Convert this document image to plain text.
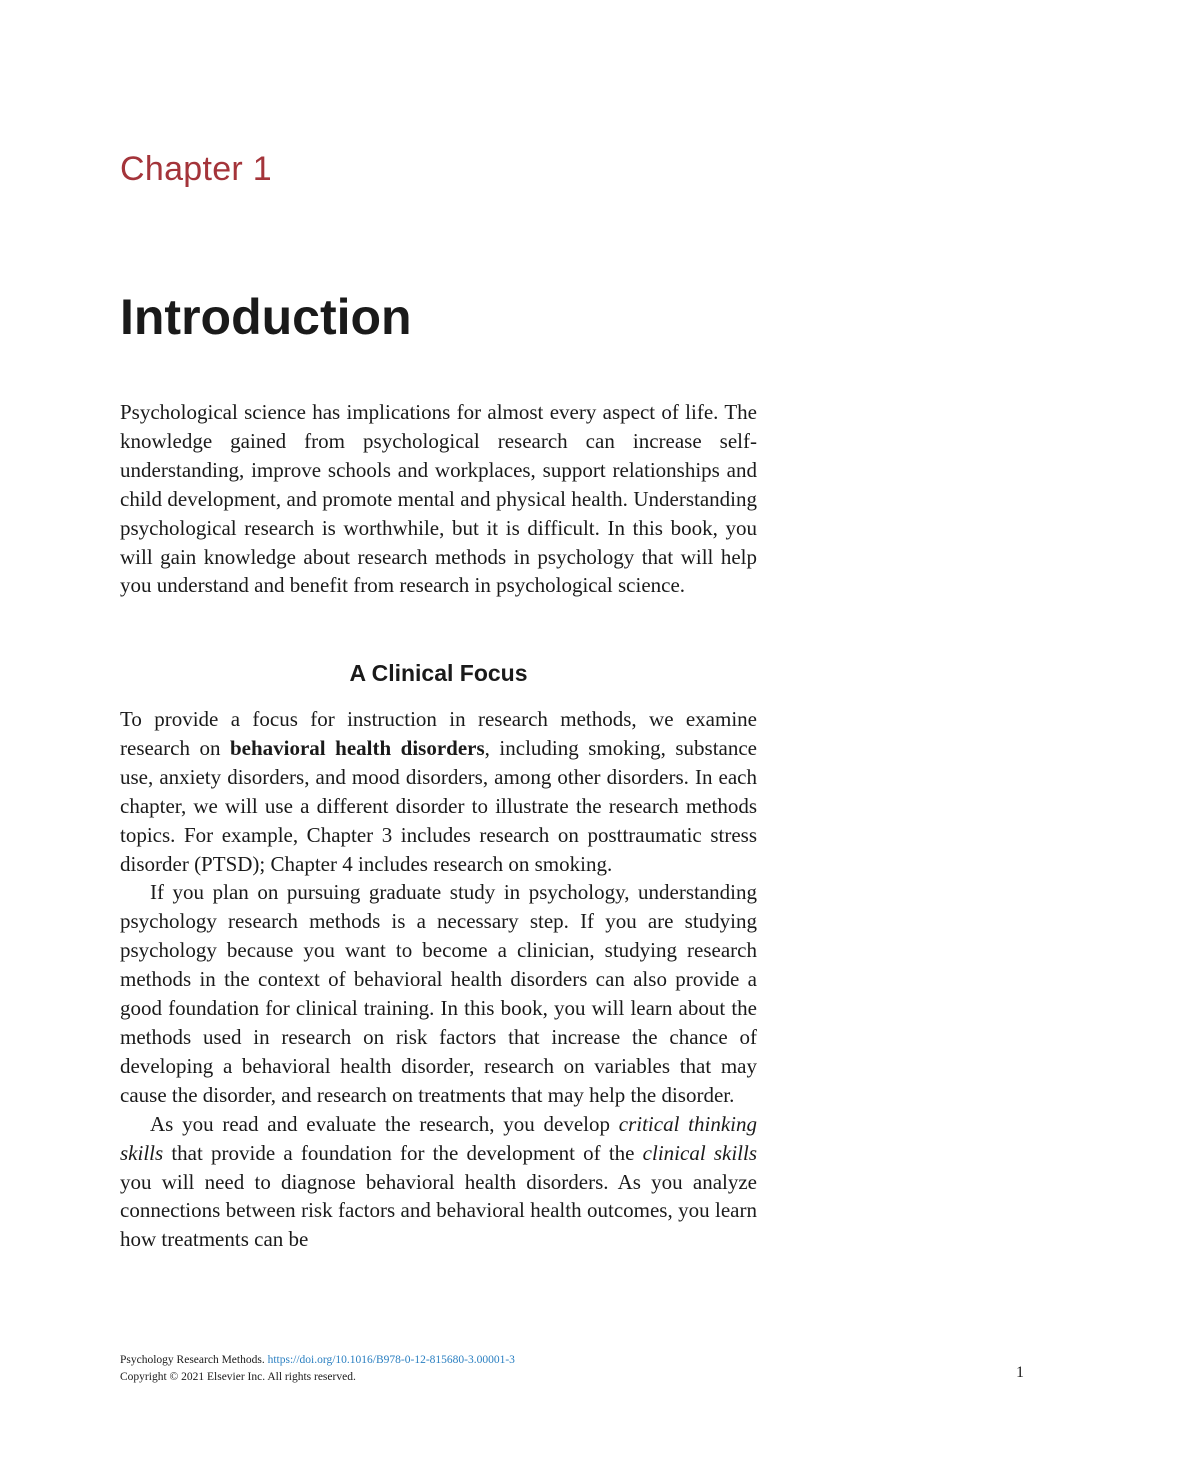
Chapter 1
Introduction

Psychological science has implications for almost every aspect of life. The knowledge gained from psychological research can increase self-understanding, improve schools and workplaces, support relationships and child development, and promote mental and physical health. Understanding psychological research is worthwhile, but it is difficult. In this book, you will gain knowledge about research methods in psychology that will help you understand and benefit from research in psychological science.

A Clinical Focus

To provide a focus for instruction in research methods, we examine research on behavioral health disorders, including smoking, substance use, anxiety disorders, and mood disorders, among other disorders. In each chapter, we will use a different disorder to illustrate the research methods topics. For example, Chapter 3 includes research on posttraumatic stress disorder (PTSD); Chapter 4 includes research on smoking.

If you plan on pursuing graduate study in psychology, understanding psychology research methods is a necessary step. If you are studying psychology because you want to become a clinician, studying research methods in the context of behavioral health disorders can also provide a good foundation for clinical training. In this book, you will learn about the methods used in research on risk factors that increase the chance of developing a behavioral health disorder, research on variables that may cause the disorder, and research on treatments that may help the disorder.

As you read and evaluate the research, you develop critical thinking skills that provide a foundation for the development of the clinical skills you will need to diagnose behavioral health disorders. As you analyze connections between risk factors and behavioral health outcomes, you learn how treatments can be

Psychology Research Methods. https://doi.org/10.1016/B978-0-12-815680-3.00001-3
Copyright © 2021 Elsevier Inc. All rights reserved.	1
